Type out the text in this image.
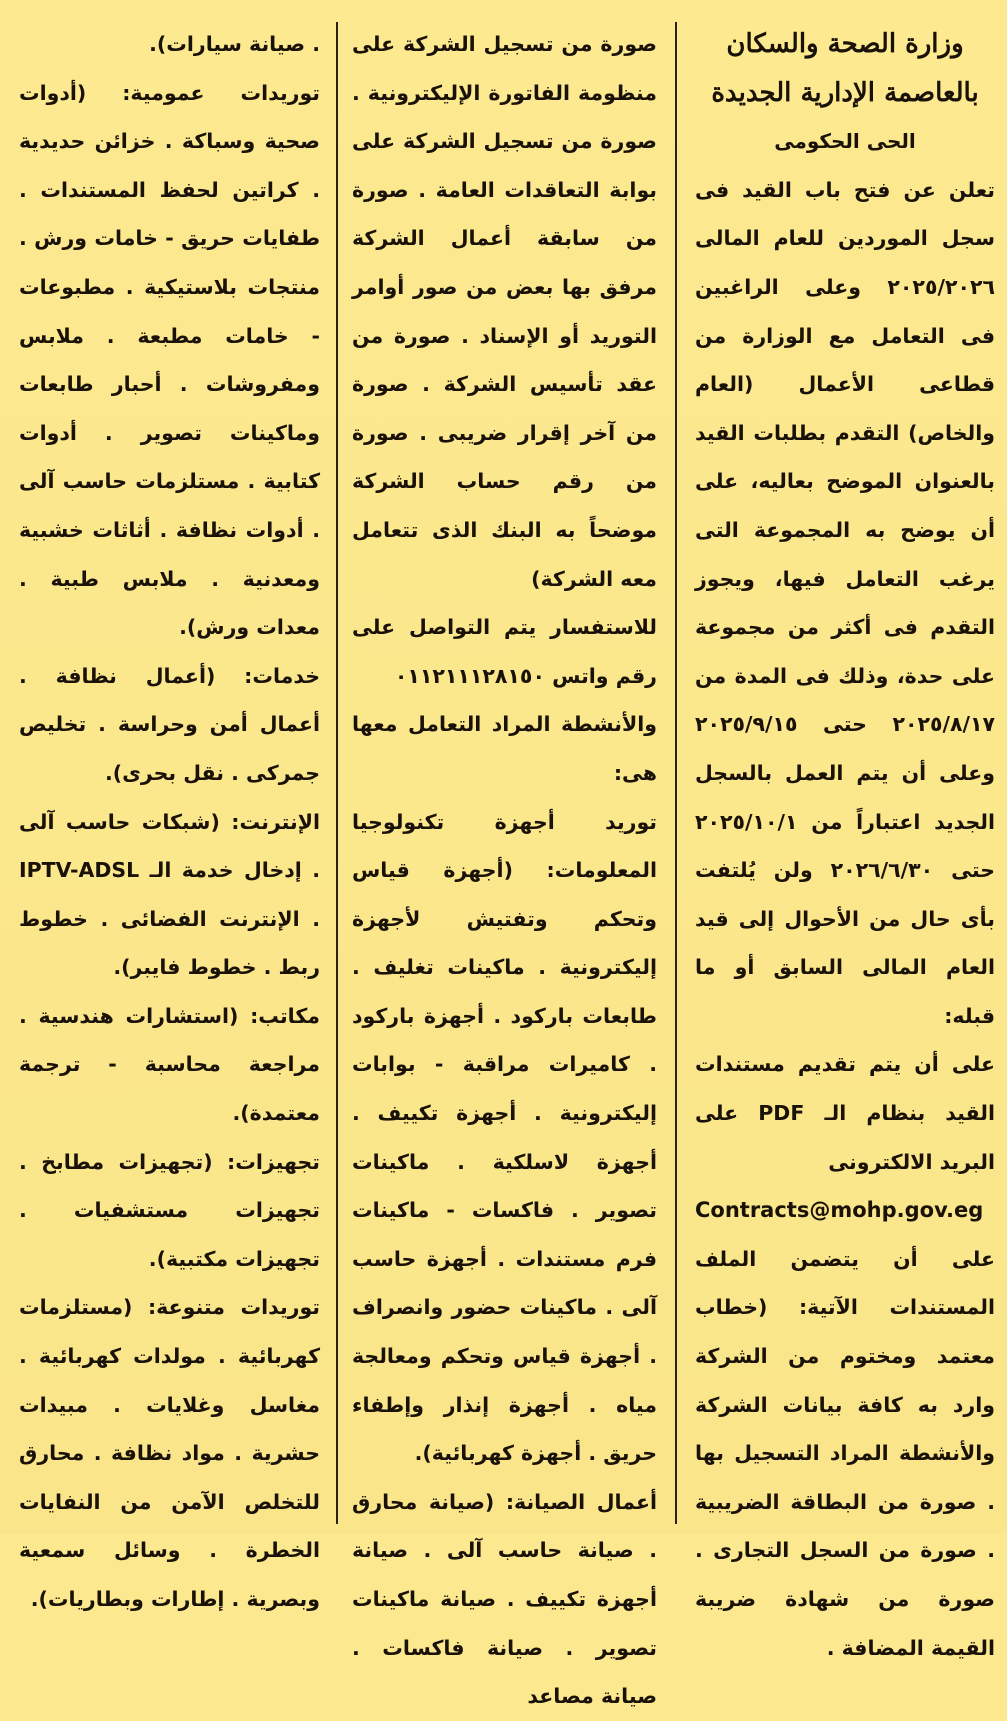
وزارة الصحة والسكان

بالعاصمة الإدارية الجديدة

الحى الحكومى

تعلن عن فتح باب القيد فى سجل الموردين للعام المالى ٢٠٢٥/٢٠٢٦ وعلى الراغبين فى التعامل مع الوزارة من قطاعى الأعمال (العام والخاص) التقدم بطلبات القيد بالعنوان الموضح بعاليه، على أن يوضح به المجموعة التى يرغب التعامل فيها، ويجوز التقدم فى أكثر من مجموعة على حدة، وذلك فى المدة من ٢٠٢٥/٨/١٧ حتى ٢٠٢٥/٩/١٥ وعلى أن يتم العمل بالسجل الجديد اعتباراً من ٢٠٢٥/١٠/١ حتى ٢٠٢٦/٦/٣٠ ولن يُلتفت بأى حال من الأحوال إلى قيد العام المالى السابق أو ما قبله:

على أن يتم تقديم مستندات القيد بنظام الـ PDF على البريد الالكترونى

Contracts@mohp.gov.eg

على أن يتضمن الملف المستندات الآتية: (خطاب معتمد ومختوم من الشركة وارد به كافة بيانات الشركة والأنشطة المراد التسجيل بها . صورة من البطاقة الضريبية . صورة من السجل التجارى . صورة من شهادة ضريبة القيمة المضافة .

صورة من تسجيل الشركة على منظومة الفاتورة الإليكترونية . صورة من تسجيل الشركة على بوابة التعاقدات العامة . صورة من سابقة أعمال الشركة مرفق بها بعض من صور أوامر التوريد أو الإسناد . صورة من عقد تأسيس الشركة . صورة من آخر إقرار ضريبى . صورة من رقم حساب الشركة موضحاً به البنك الذى تتعامل معه الشركة)

للاستفسار يتم التواصل على رقم واتس ٠١١٢١١١٢٨١٥٠

والأنشطة المراد التعامل معها هى:

توريد أجهزة تكنولوجيا المعلومات: (أجهزة قياس وتحكم وتفتيش لأجهزة إليكترونية . ماكينات تغليف . طابعات باركود . أجهزة باركود . كاميرات مراقبة - بوابات إليكترونية . أجهزة تكييف . أجهزة لاسلكية . ماكينات تصوير . فاكسات - ماكينات فرم مستندات . أجهزة حاسب آلى . ماكينات حضور وانصراف . أجهزة قياس وتحكم ومعالجة مياه . أجهزة إنذار وإطفاء حريق . أجهزة كهربائية).

أعمال الصيانة: (صيانة محارق . صيانة حاسب آلى . صيانة أجهزة تكييف . صيانة ماكينات تصوير . صيانة فاكسات . صيانة مصاعد

. صيانة سيارات).

توريدات عمومية: (أدوات صحية وسباكة . خزائن حديدية . كراتين لحفظ المستندات . طفايات حريق - خامات ورش . منتجات بلاستيكية . مطبوعات - خامات مطبعة . ملابس ومفروشات . أحبار طابعات وماكينات تصوير . أدوات كتابية . مستلزمات حاسب آلى . أدوات نظافة . أثاثات خشبية ومعدنية . ملابس طبية . معدات ورش).

خدمات: (أعمال نظافة . أعمال أمن وحراسة . تخليص جمركى . نقل بحرى).

الإنترنت: (شبكات حاسب آلى . إدخال خدمة الـ IPTV-ADSL . الإنترنت الفضائى . خطوط ربط . خطوط فايبر).

مكاتب: (استشارات هندسية . مراجعة محاسبة - ترجمة معتمدة).

تجهيزات: (تجهيزات مطابخ . تجهيزات مستشفيات . تجهيزات مكتبية).

توريدات متنوعة: (مستلزمات كهربائية . مولدات كهربائية . مغاسل وغلايات . مبيدات حشرية . مواد نظافة . محارق للتخلص الآمن من النفايات الخطرة . وسائل سمعية وبصرية . إطارات وبطاريات).
